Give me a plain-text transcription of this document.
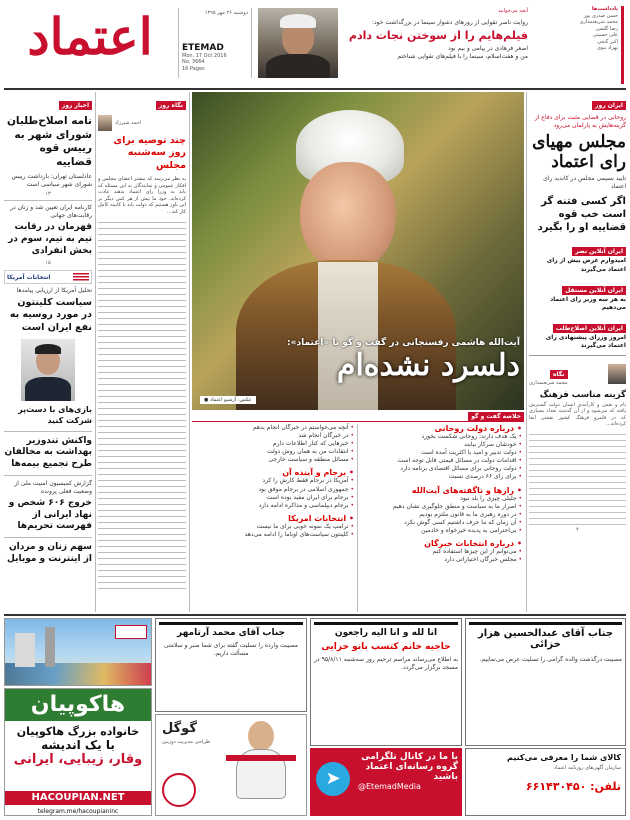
اعتماد	دوشنبه ۲۶ مهر ۱۳۹۵
ETEMAD
Mon. 17 Oct 2016
No. 3664
16 Pages
آنچه می‌خوانید
روایت ناصر تقوایی از روزهای دشوار سینما در بزرگداشت خود:
فیلم‌هایم را از سوختن نجات دادم
اصغر فرهادی در پیامی و بیم بود
من و هفت‌اسلام، سینما را با فیلم‌های تقوایی شناختم
یادداشت‌ها
حسن صدری پور
محمد شریعتمداری
رضا گلشن
علی حسینی
اکبر گنجی
بهزاد نبوی
اخبار روز
نامه اصلاح‌طلبان شورای شهر به رییس قوه قضاییه
عادلستان تهران: بازداشت رییس شورای شهر سیاسی است
۱۳
کارنامه ایران تعیین شد و زنان در رقابت‌های جهانی
قهرمان در رقابت تیم به تیم، سوم در بخش انفرادی
۱۵
انتخابات آمریکا
تحلیل آمریکا از ارزیابی پیامدها
سیاست کلینتون در مورد روسیه به نفع ایران است
بازی‌های با دست‌پر شرکت کنید
واکنش تندوزیر بهداشت به مخالفان طرح تجمیع بیمه‌ها
گزارش کمیسیون امنیت ملی از وضعیت فعلی پرونده
خروج ۶۰۶ شخص و نهاد ایرانی از فهرست تحریم‌ها
سهم زنان و مردان از اینترنت و موبایل
نگاه روز
احمد شیرزاد
چند توصیه برای روز سه‌شنبه مجلس
به نظر می‌رسد که بیشتر اعضای مجلس و افکار عمومی و نمایندگان به این مسئله که باید به وزرا رای اعتماد بدهند عادت کرده‌اند. خود ما بیش از هر کس دیگر بر این باور هستیم که دولت باید با کابینه کامل کار کند...
● عکس: آرشیو اعتماد
آیت‌الله هاشمی رفسنجانی در گفت و گو با «اعتماد»:
دلسرد نشده‌ام
خلاصه گفت و گو
• درباره دولت روحانی
• یک هدف دارند: روحانی شکست بخورد
• خودشان سرکار بیایند
• دولت تدبیر و امید با اکثریت آمده است
• اقدامات دولت در مسائل قیمتی قابل توجه است
• دولت روحانی برای مسائل اقتصادی برنامه دارد
• برای رای ۶۶ درصدی نسبت
• رازها و ناگفته‌های آیت‌الله
• جلیلی چیزی را بلد نبود
• اصرار ما به سیاست و منطق جلوگیری نشان دهیم
• در دوره رهبری ما به قانون ملتزم بودیم
• آن زمان که ما حرف داشتیم کسی گوش نکرد
• بی‌احترامی به پدیده خیرخواه و خادمین
• درباره انتخابات خبرگان
• می‌توانم از این چیزها استفاده کنم
• مجلس خبرگان اختیاراتی دارد
• آنچه می‌خواستم در خبرگان انجام بدهم
• در خبرگان انجام شد
• خبرهایی که کنار اطلاعات دارم
• انتقادات من به همان روش دولت
• مسائل منطقه و سیاست خارجی
• برجام و آینده آن
• آمریکا در برجام فقط کارش را کرد
• جمهوری اسلامی در برجام موفق بود
• برجام برای ایران مفید بوده است
• برجام دیپلماسی و مذاکره ادامه دارد
• انتخابات امریکا
• ترامپ یک نمونه خوبی برای ما نیست
• کلینتون سیاست‌های اوباما را ادامه می‌دهد
ایران روز
روحانی در قضایی مثبت برای دفاع از گزینه‌هایش به پارلمان می‌رود
مجلس مهیای رای اعتماد
تایید بسیمی مجلس در کاندید رای اعتماد
اگر کسی فتنه گر است خب قوه قضاییه او را بگیرد
ایران آنلاین نصر
امیدوارم غرض بیش از رای اعتماد می‌گیرند
ایران آنلاین مستقل
به هر سه وزیر رای اعتماد می‌دهیم
ایران آنلاین اصلاح‌طلب
امروز وزرای پیشنهادی رای اعتماد می‌گیرند
نگاه
محمد شریعتمداری
گزینه مناسب فرهنگ
نام و نقش و کارآمدی انسان دولت گسترش یافته که می‌شود و از آن گذشته تعداد بسیاری که در قلمرو فرهنگ کشور نقشی ایفا کرده‌اند...
۴
هاکوپیان
خانواده بزرگ هاکوپیان
با یک اندیشه
وقار، زیبایی، ایرانی
HACOUPIAN.NET
telegram.me/hacoupianinc
جناب آقای محمد آرتامهر
مصیبت وارده را تسلیت گفته برای شما صبر و سلامتی مسألت داریم.
گوگل
طراحی مدیریت دوربین
انا لله و انا الیه راجعون
حاجیه خانم کتسب بانو خزایی
به اطلاع می‌رساند مراسم ترحیم روز سه‌شنبه ۹۵/۸/۱۱ در مسجد برگزار می‌گردد.
➤
با ما در کانال تلگرامی
گروه رسانه‌ای اعتماد
باشید
@EtemadMedia
جناب آقای عبدالحسین هزار خزائی
مصیبت درگذشت والده گرامی را تسلیت عرض می‌نماییم.
کالای شما را معرفی می‌کنیم
سازمان آگهی‌های روزنامه اعتماد
تلفن: ۶۶۱۴۳۰۴۵۰
